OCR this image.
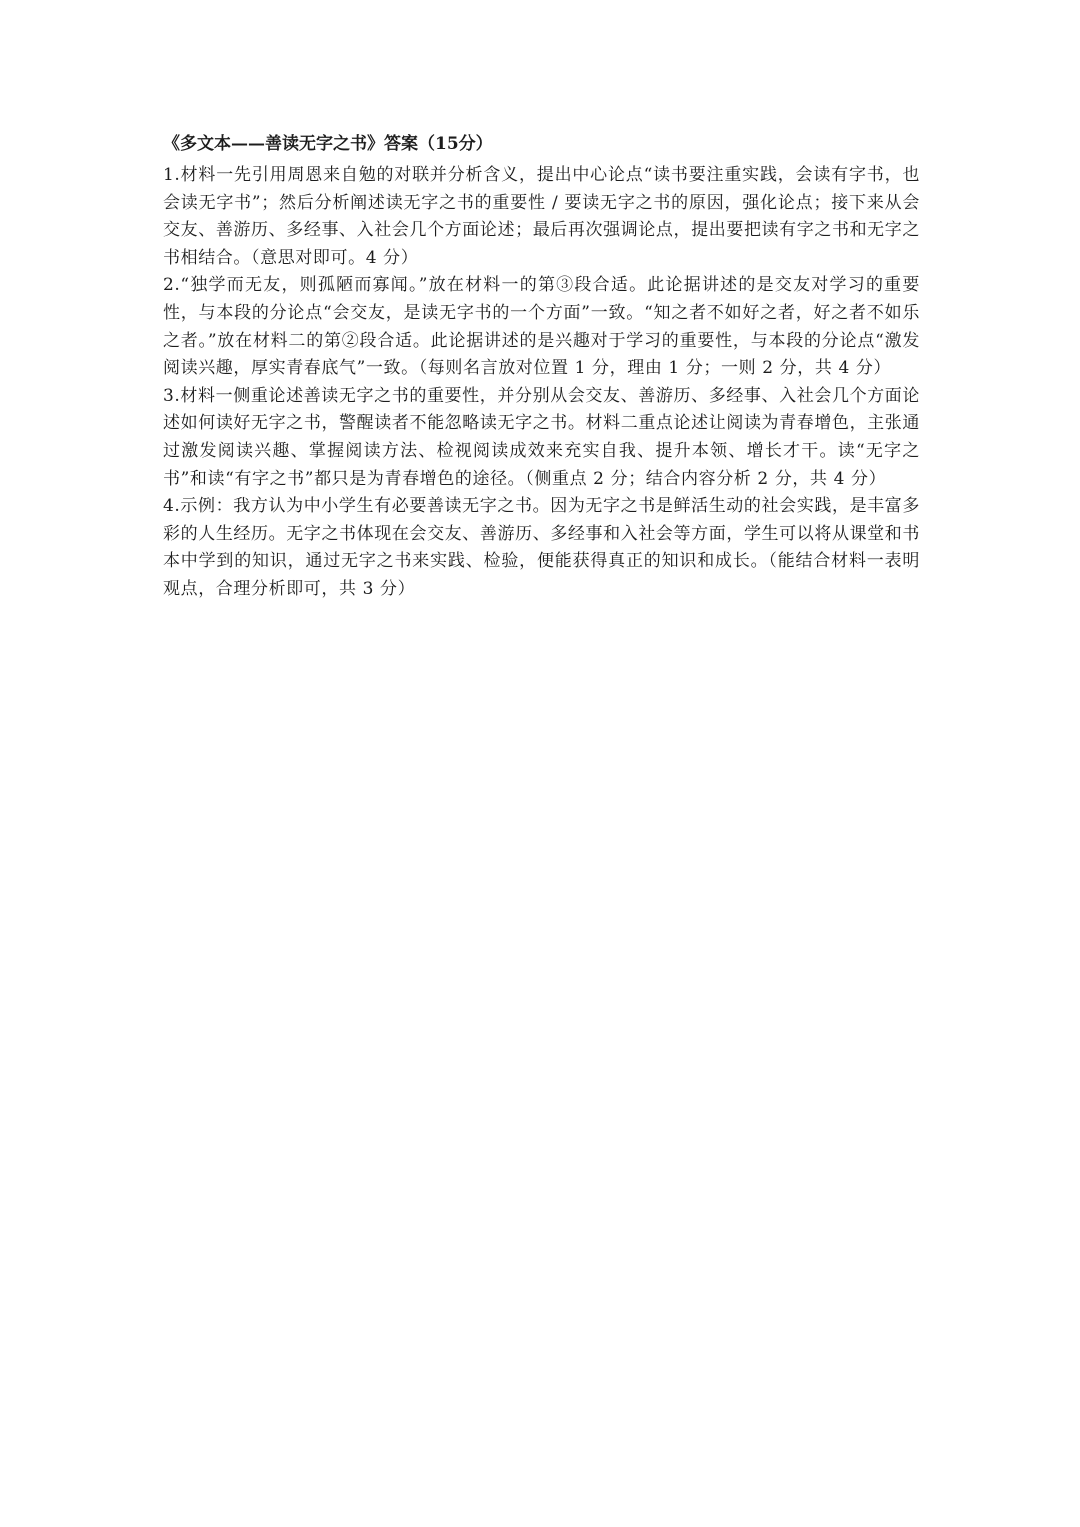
《多文本——善读无字之书》答案（15分）

1.材料一先引用周恩来自勉的对联并分析含义，提出中心论点“读书要注重实践，会读有字书，也会读无字书”；然后分析阐述读无字之书的重要性 / 要读无字之书的原因，强化论点；接下来从会交友、善游历、多经事、入社会几个方面论述；最后再次强调论点，提出要把读有字之书和无字之书相结合。（意思对即可。4 分）

2.“独学而无友，则孤陋而寡闻。”放在材料一的第③段合适。此论据讲述的是交友对学习的重要性，与本段的分论点“会交友，是读无字书的一个方面”一致。“知之者不如好之者，好之者不如乐之者。”放在材料二的第②段合适。此论据讲述的是兴趣对于学习的重要性，与本段的分论点“激发阅读兴趣，厚实青春底气”一致。（每则名言放对位置 1 分，理由 1 分；一则 2 分，共 4 分）

3.材料一侧重论述善读无字之书的重要性，并分别从会交友、善游历、多经事、入社会几个方面论述如何读好无字之书，警醒读者不能忽略读无字之书。材料二重点论述让阅读为青春增色，主张通过激发阅读兴趣、掌握阅读方法、检视阅读成效来充实自我、提升本领、增长才干。读“无字之书”和读“有字之书”都只是为青春增色的途径。（侧重点 2 分；结合内容分析 2 分，共 4 分）

4.示例：我方认为中小学生有必要善读无字之书。因为无字之书是鲜活生动的社会实践，是丰富多彩的人生经历。无字之书体现在会交友、善游历、多经事和入社会等方面，学生可以将从课堂和书本中学到的知识，通过无字之书来实践、检验，便能获得真正的知识和成长。（能结合材料一表明观点，合理分析即可，共 3 分）
